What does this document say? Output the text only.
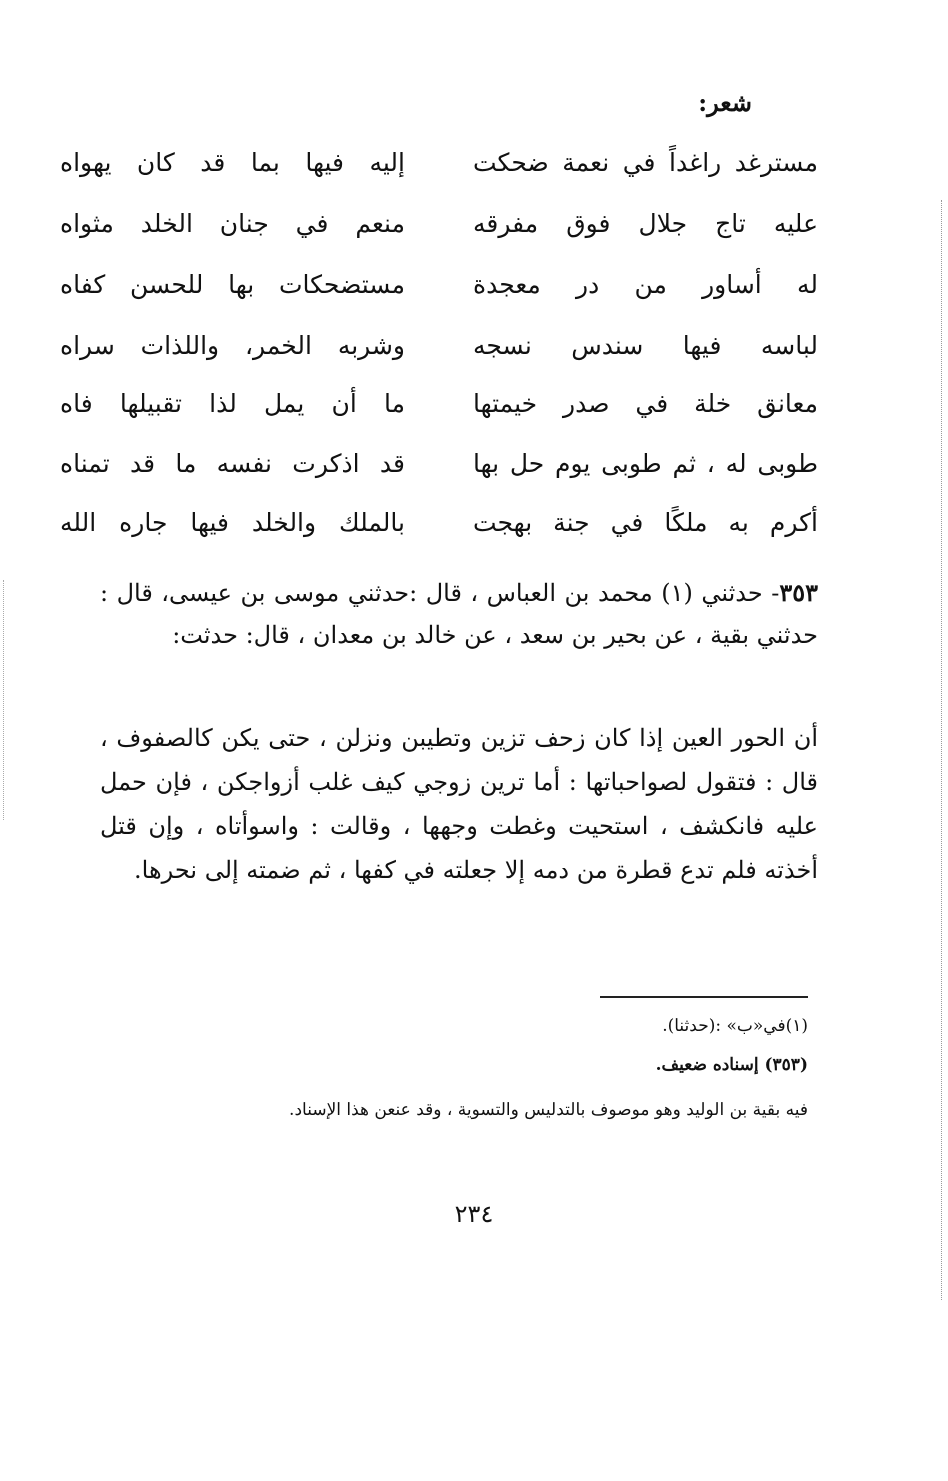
شعر:
مسترغد راغداً في نعمة ضحكت
إليه فيها بما قد كان يهواه
عليه تاج جلال فوق مفرقه
منعم في جنان الخلد مثواه
له أساور من در معجدة
مستضحكات بها للحسن كفاه
لباسه فيها سندس نسجه
وشربه الخمر، واللذات سراه
معانق خلة في صدر خيمتها
ما أن يمل لذا تقبيلها فاه
طوبى له ، ثم طوبى يوم حل بها
قد اذكرت نفسه ما قد تمناه
أكرم به ملكًا في جنة بهجت
بالملك والخلد فيها جاره الله
٣٥٣- حدثني (١) محمد بن العباس ، قال :حدثني موسى بن عيسى، قال : حدثني بقية ، عن بحير بن سعد ، عن خالد بن معدان ، قال: حدثت:
أن الحور العين إذا كان زحف تزين وتطيبن ونزلن ، حتى يكن كالصفوف ، قال : فتقول لصواحباتها : أما ترين زوجي كيف غلب أزواجكن ، فإن حمل عليه فانكشف ، استحيت وغطت وجهها ، وقالت : واسوأتاه ، وإن قتل أخذته فلم تدع قطرة من دمه إلا جعلته في كفها ، ثم ضمته إلى نحرها.
(١)في«ب» :(حدثنا).
(٣٥٣) إسناده ضعيف.
فيه بقية بن الوليد وهو موصوف بالتدليس والتسوية ، وقد عنعن هذا الإسناد.
٢٣٤
